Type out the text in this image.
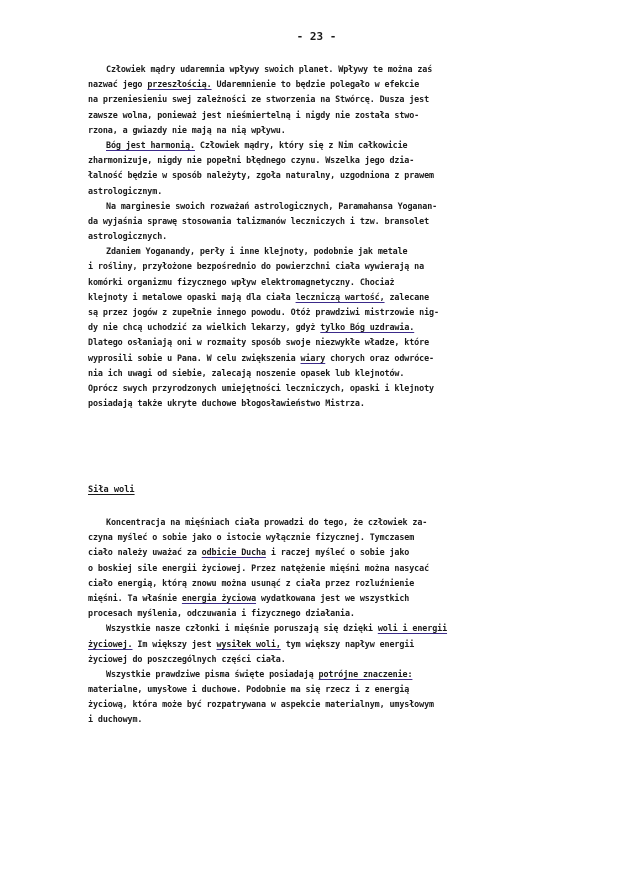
- 23 -
Człowiek mądry udaremnia wpływy swoich planet. Wpływy te można zaś
nazwać jego przeszłością. Udaremnienie to będzie polegało w efekcie
na przeniesieniu swej zależności ze stworzenia na Stwórcę. Dusza jest
zawsze wolna, ponieważ jest nieśmiertelną i nigdy nie została stwo-
rzona, a gwiazdy nie mają na nią wpływu.
Bóg jest harmonią. Człowiek mądry, który się z Nim całkowicie
zharmonizuje, nigdy nie popełni błędnego czynu. Wszelka jego dzia-
łalność będzie w sposób należyty, zgoła naturalny, uzgodniona z prawem
astrologicznym.
Na marginesie swoich rozważań astrologicznych, Paramahansa Yoganan-
da wyjaśnia sprawę stosowania talizmanów leczniczych i tzw. bransolet
astrologicznych.
Zdaniem Yoganandy, perły i inne klejnoty, podobnie jak metale
i rośliny, przyłożone bezpośrednio do powierzchni ciała wywierają na
komórki organizmu fizycznego wpływ elektromagnetyczny. Chociaż
klejnoty i metalowe opaski mają dla ciała leczniczą wartość, zalecane
są przez jogów z zupełnie innego powodu. Otóż prawdziwi mistrzowie nig-
dy nie chcą uchodzić za wielkich lekarzy, gdyż tylko Bóg uzdrawia.
Dlatego osłaniają oni w rozmaity sposób swoje niezwykłe władze, które
wyprosili sobie u Pana. W celu zwiększenia wiary chorych oraz odwróce-
nia ich uwagi od siebie, zalecają noszenie opasek lub klejnotów.
Oprócz swych przyrodzonych umiejętności leczniczych, opaski i klejnoty
posiadają także ukryte duchowe błogosławieństwo Mistrza.
Siła woli
Koncentracja na mięśniach ciała prowadzi do tego, że człowiek za-
czyna myśleć o sobie jako o istocie wyłącznie fizycznej. Tymczasem
ciało należy uważać za odbicie Ducha i raczej myśleć o sobie jako
o boskiej sile energii życiowej. Przez natężenie mięśni można nasycać
ciało energią, którą znowu można usunąć z ciała przez rozluźnienie
mięśni. Ta właśnie energia życiowa wydatkowana jest we wszystkich
procesach myślenia, odczuwania i fizycznego działania.
Wszystkie nasze członki i mięśnie poruszają się dzięki woli i energii
życiowej. Im większy jest wysiłek woli, tym większy napływ energii
życiowej do poszczególnych części ciała.
Wszystkie prawdziwe pisma święte posiadają potrójne znaczenie:
materialne, umysłowe i duchowe. Podobnie ma się rzecz i z energią
życiową, która może być rozpatrywana w aspekcie materialnym, umysłowym
i duchowym.
